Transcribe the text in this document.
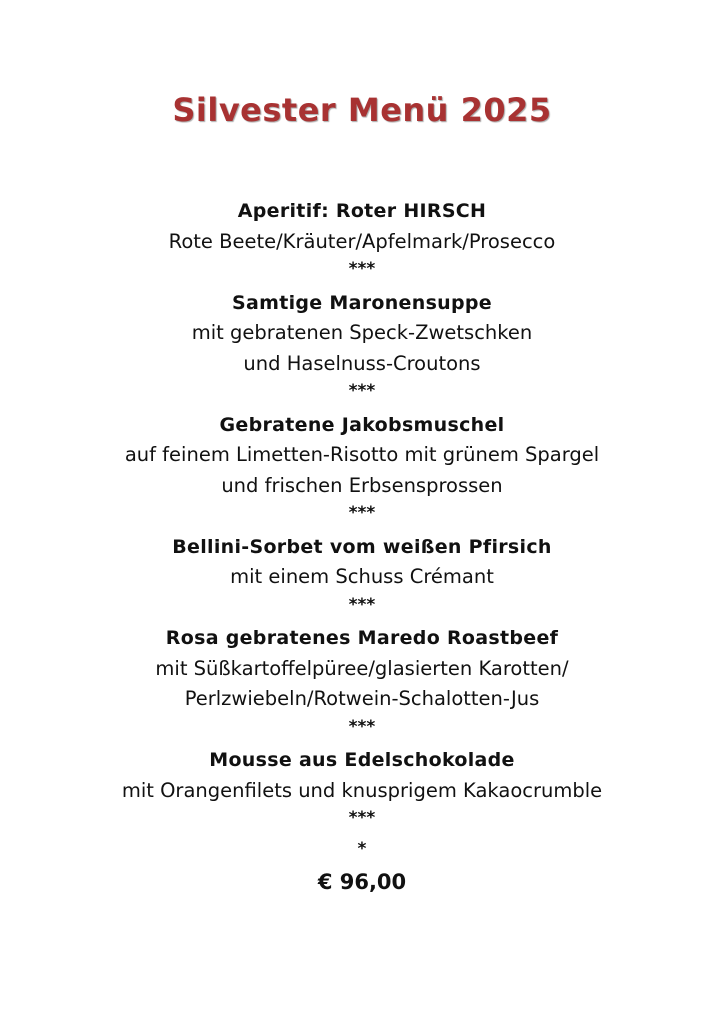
Silvester Menü 2025
Aperitif: Roter HIRSCH
Rote Beete/Kräuter/Apfelmark/Prosecco
***
Samtige Maronensuppe
mit gebratenen Speck-Zwetschken
und Haselnuss-Croutons
***
Gebratene Jakobsmuschel
auf feinem Limetten-Risotto mit grünem Spargel
und frischen Erbsensprossen
***
Bellini-Sorbet vom weißen Pfirsich
mit einem Schuss Crémant
***
Rosa gebratenes Maredo Roastbeef
mit Süßkartoffelpüree/glasierten Karotten/
Perlzwiebeln/Rotwein-Schalotten-Jus
***
Mousse aus Edelschokolade
mit Orangenfilets und knusprigem Kakaocrumble
***
*
€ 96,00
